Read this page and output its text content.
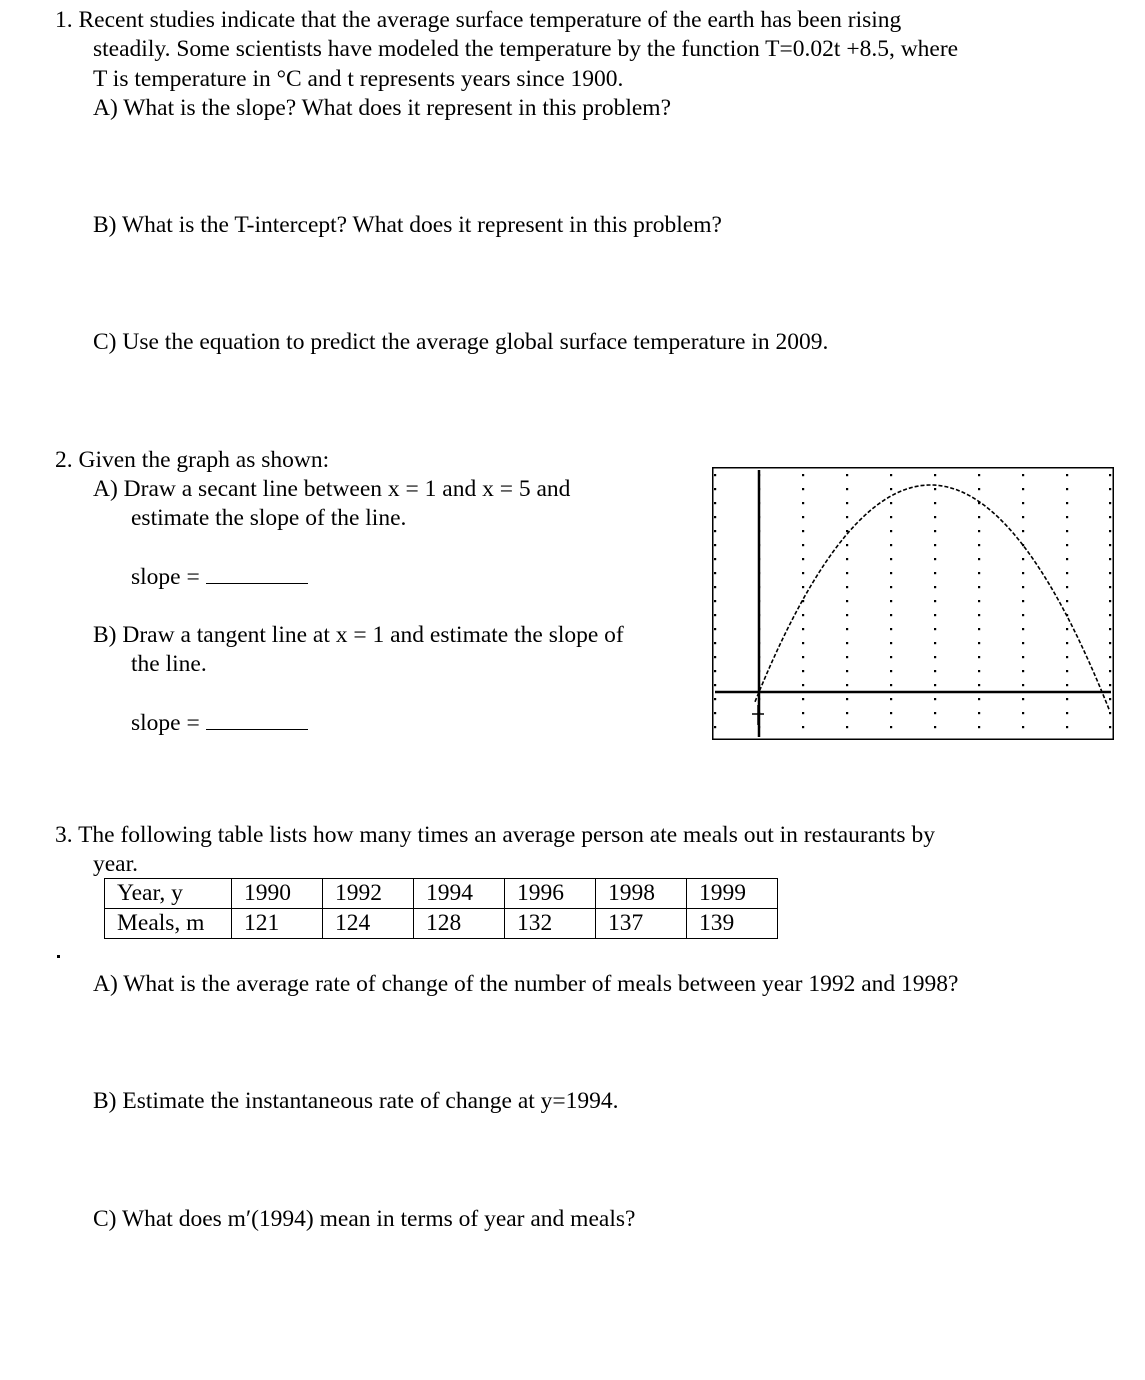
1. Recent studies indicate that the average surface temperature of the earth has been rising
steadily. Some scientists have modeled the temperature by the function T=0.02t +8.5, where
T is temperature in °C and t represents years since 1900.
A) What is the slope? What does it represent in this problem?
B) What is the T-intercept? What does it represent in this problem?
C) Use the equation to predict the average global surface temperature in 2009.
2. Given the graph as shown:
A) Draw a secant line between x = 1 and x = 5 and
estimate the slope of the line.
slope =
B) Draw a tangent line at x = 1 and estimate the slope of
the line.
slope =
3. The following table lists how many times an average person ate meals out in restaurants by
year.
Year, y	1990	1992	1994	1996	1998	1999
Meals, m	121	124	128	132	137	139
A) What is the average rate of change of the number of meals between year 1992 and 1998?
B) Estimate the instantaneous rate of change at y=1994.
C) What does m′(1994) mean in terms of year and meals?
